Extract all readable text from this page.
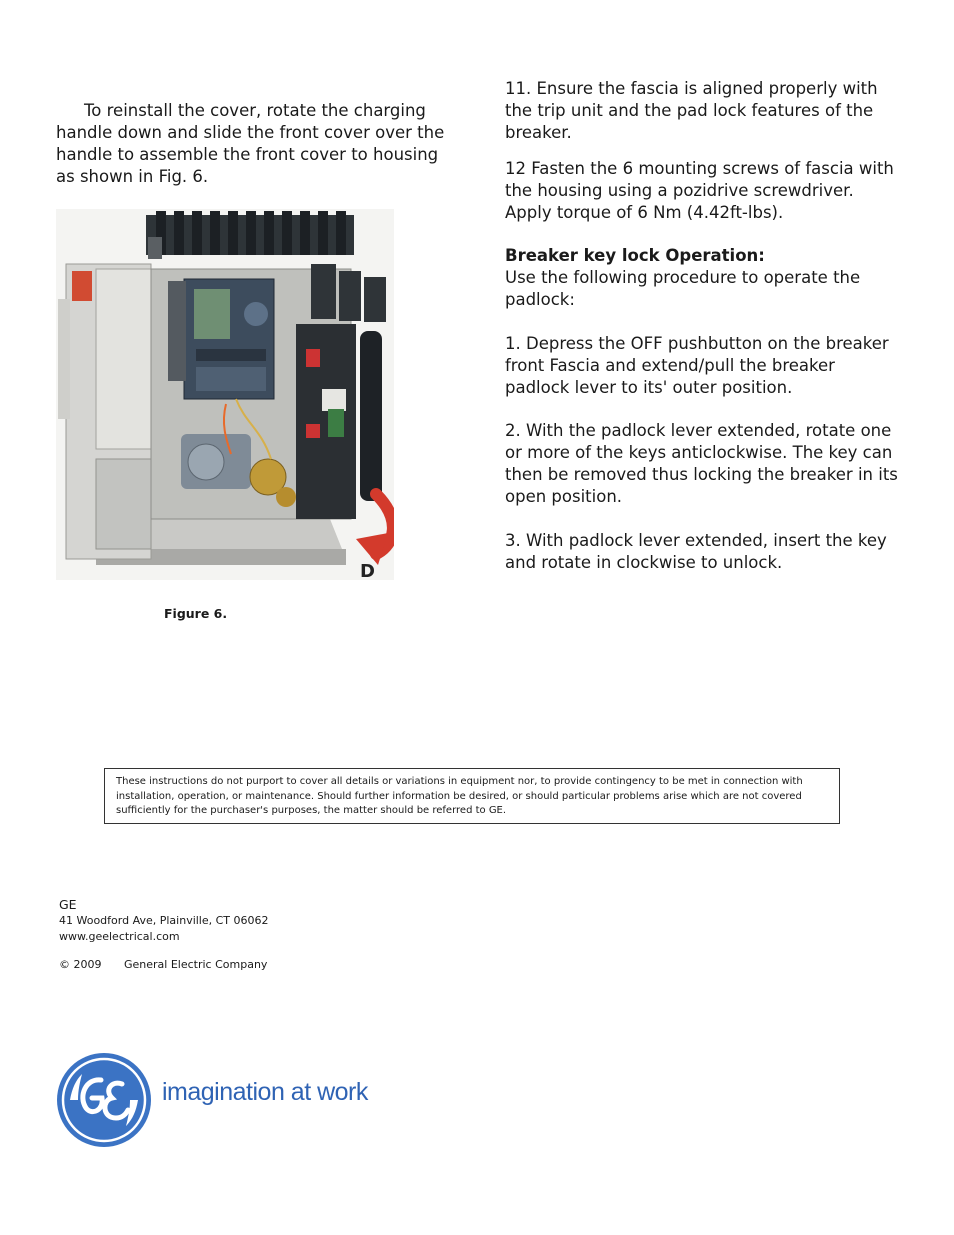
To reinstall the cover, rotate the charging handle down and slide the front cover over the handle to assemble the front cover to housing as shown in Fig. 6.

D
Figure 6.

11. Ensure the fascia is aligned properly with the trip unit and the pad lock features of the breaker.

12 Fasten the 6 mounting screws of fascia with the housing using a pozidrive screwdriver. Apply torque of 6 Nm (4.42ft-lbs).

Breaker key lock Operation:

Use the following procedure to operate the padlock:

1. Depress the OFF pushbutton on the breaker front Fascia and extend/pull the breaker padlock lever to its' outer position.

2. With the padlock lever extended, rotate one or more of the keys anticlockwise. The key can then be removed thus locking the breaker in its open position.

3. With padlock lever extended, insert the key and rotate in clockwise to unlock.

These instructions do not purport to cover all details or variations in equipment nor, to provide contingency to be met in connection with installation, operation, or maintenance. Should further information be desired, or should particular problems arise which are not covered sufficiently for the purchaser's purposes, the matter should be referred to GE.

GE

41 Woodford Ave, Plainville, CT 06062

www.geelectrical.com

© 2009 General Electric Company

imagination at work
